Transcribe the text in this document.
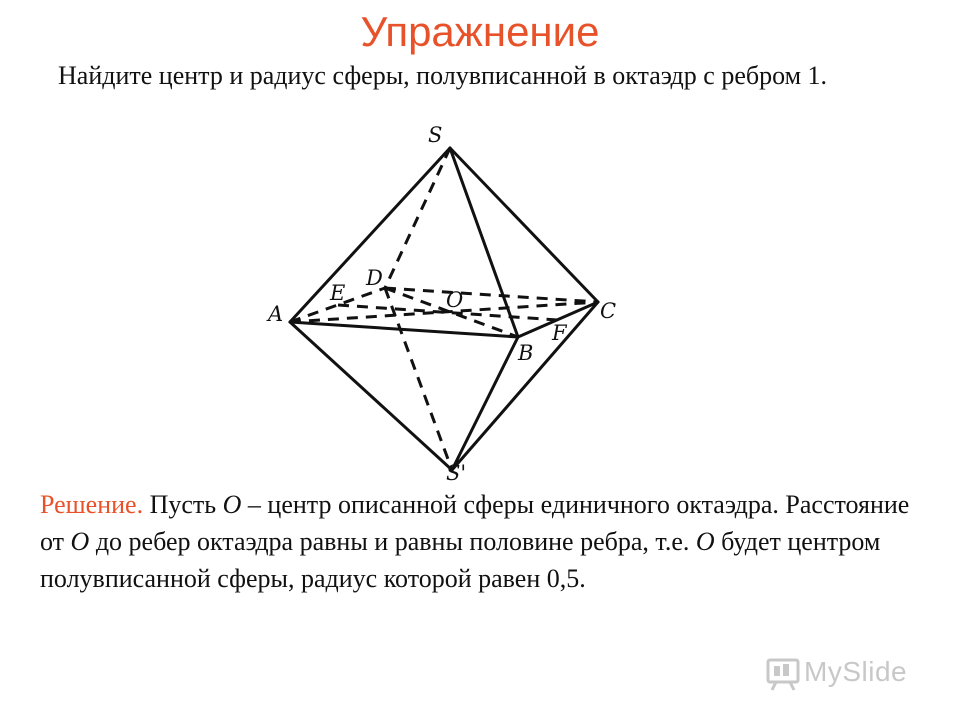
Упражнение
Найдите центр и радиус сферы, полувписанной в октаэдр с ребром 1.
S
S'
A
B
C
D
O
E
F
Решение. Пусть O – центр описанной сферы единичного октаэдра. Расстояние от O до ребер октаэдра равны и равны половине ребра, т.е. O будет центром полувписанной сферы, радиус которой равен 0,5.
MySlide
